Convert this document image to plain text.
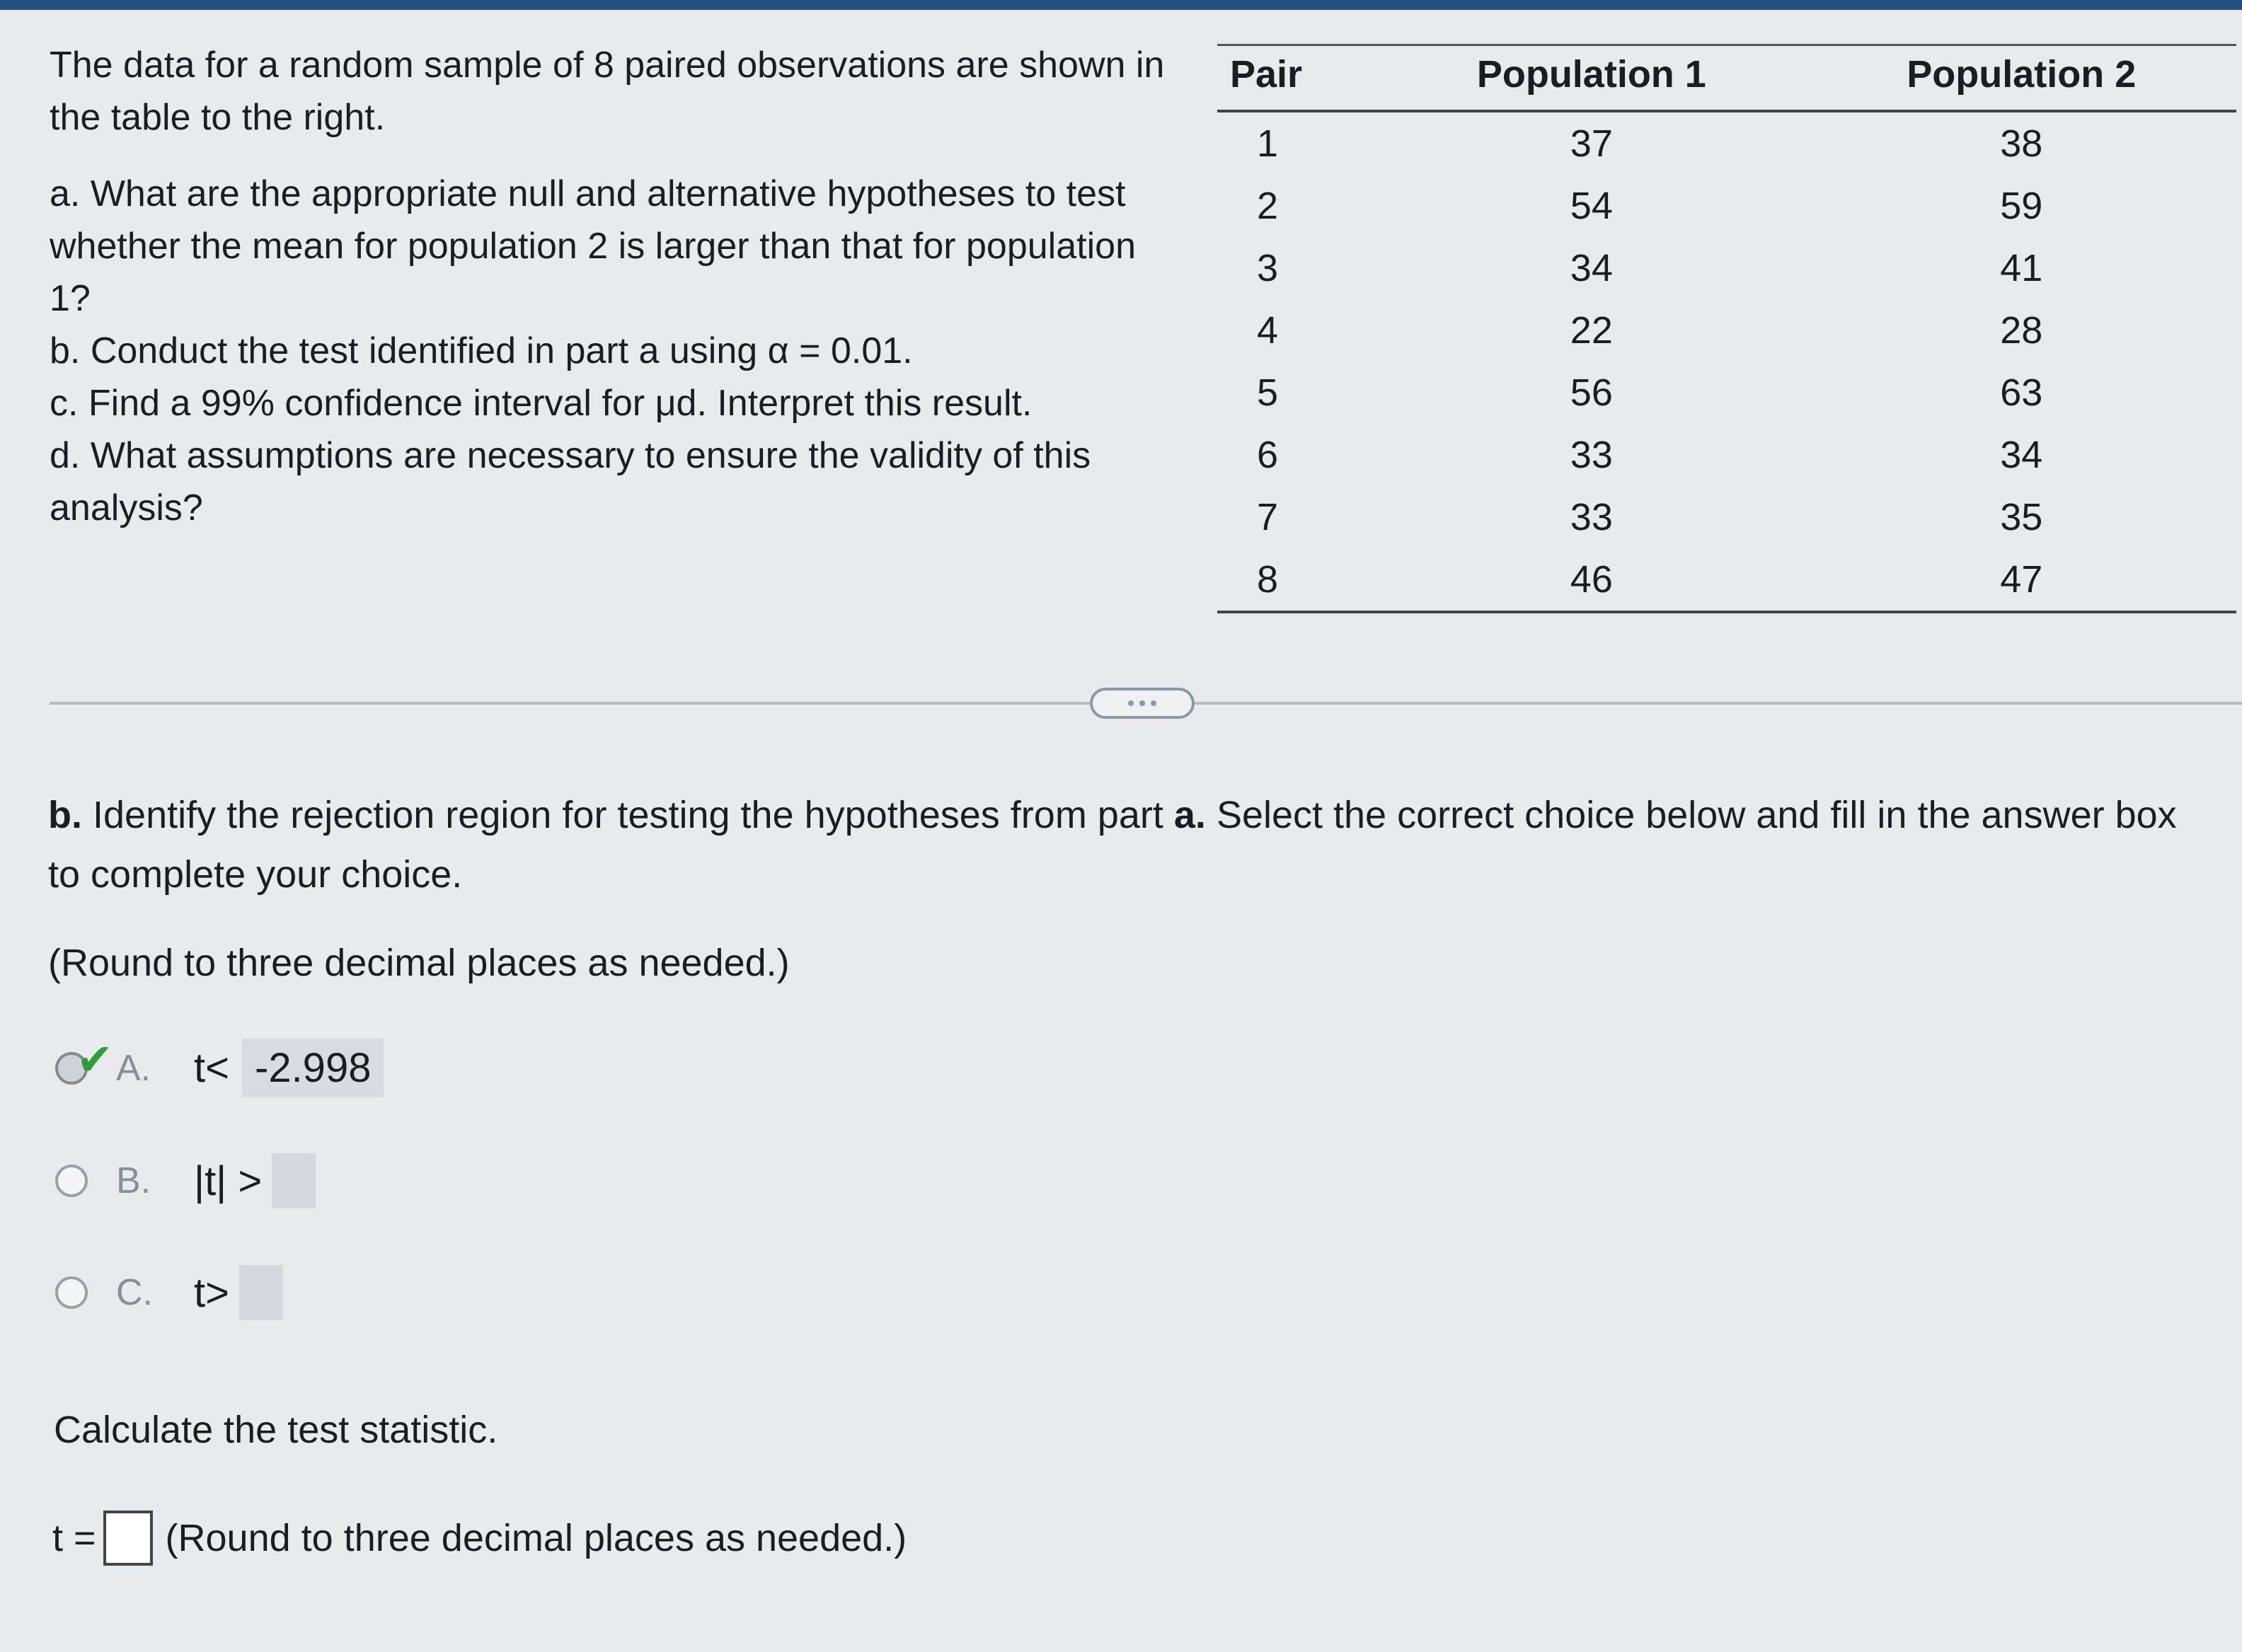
The data for a random sample of 8 paired observations are shown in the table to the right.

a. What are the appropriate null and alternative hypotheses to test whether the mean for population 2 is larger than that for population 1?

b. Conduct the test identified in part a using α = 0.01.

c. Find a 99% confidence interval for μd. Interpret this result.

d. What assumptions are necessary to ensure the validity of this analysis?

Pair	Population 1	Population 2
1	37	38
2	54	59
3	34	41
4	22	28
5	56	63
6	33	34
7	33	35
8	46	47
b. Identify the rejection region for testing the hypotheses from part a. Select the correct choice below and fill in the answer box to complete your choice.
(Round to three decimal places as needed.)
✔ A.	t< -2.998
B.	|t| >
C.	t>
Calculate the test statistic.
t = (Round to three decimal places as needed.)
